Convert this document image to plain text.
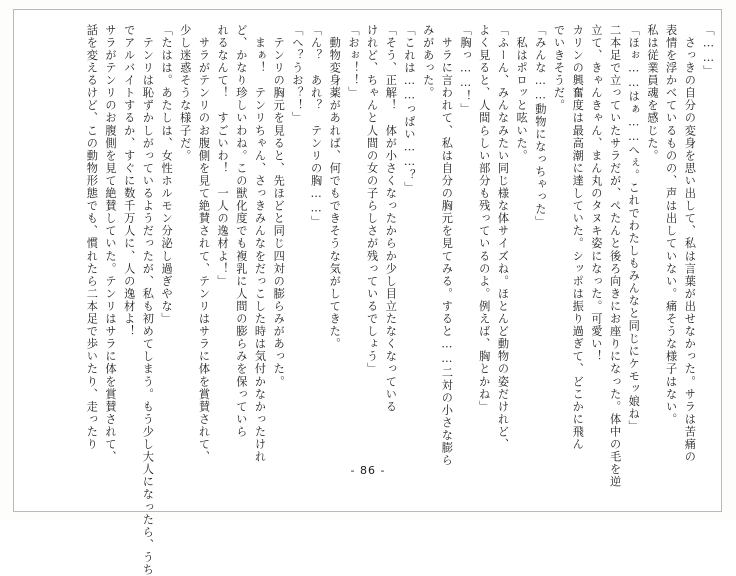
「……」
　さっきの自分の変身を思い出して、私は言葉が出せなかった。サラは苦痛の
表情を浮かべているものの、声は出していない。痛そうな様子はない。
私は従業員魂を感じた。
「ほぉ……はぁ……へぇ。これでわたしもみんなと同じにケモッ娘ね」
二本足で立っていたサラだが、ぺたんと後ろ向きにお座りになった。体中の毛を逆
立て、きゃんきゃん、まん丸のタヌキ姿になった。可愛い！
カリンの興奮度は最高潮に達していた。シッポは振り過ぎて、どこかに飛ん
でいきそうだ。
「みんな……動物になっちゃった」
　私はポロッと呟いた。
「ふーん、みんなみたい同じ様な体サイズね。ほとんど動物の姿だけれど、
よく見ると、人間らしい部分も残っているのよ。例えば、胸とかね」
「胸っ……！」
　サラに言われて、私は自分の胸元を見てみる。すると……二対の小さな膨ら
みがあった。
「これは……っぱい……？」
「そう、正解！　体が小さくなったからか少し目立たなくなっている
けれど、ちゃんと人間の女の子らしさが残っているでしょう」
「おぉ！！」
　動物変身薬があれば、何でもできそうな気がしてきた。
「ん？　あれ？　テンリの胸……」
「へ？うお？！」
　テンリの胸元を見ると、先ほどと同じ四対の膨らみがあった。
　まぁ！　テンリちゃん、さっきみんなをだっこした時は気付かなかったけれ
ど、かなり珍しいわね。この獣化度でも複乳に人間の膨らみを保っていら
れるなんて！　すごいわ！　一人の逸材よ！」
　サラがテンリのお腹側を見て絶賛されて、テンリはサラに体を賞賛されて、
少し迷惑そうな様子だ。
「たはは。あたしは、女性ホルモン分泌し過ぎやな」
　テンリは恥ずかしがっているようだったが、私も初めてしまう。もう少し大人になったら、うち
でアルバイトするか、すぐに数千万人に、人の逸材よ！
サラがテンリのお腹側を見て絶賛していた。テンリはサラに体を賞賛されて、
話を変えるけど、この動物形態でも、慣れたら二本足で歩いたり、走ったり
- 86 -
